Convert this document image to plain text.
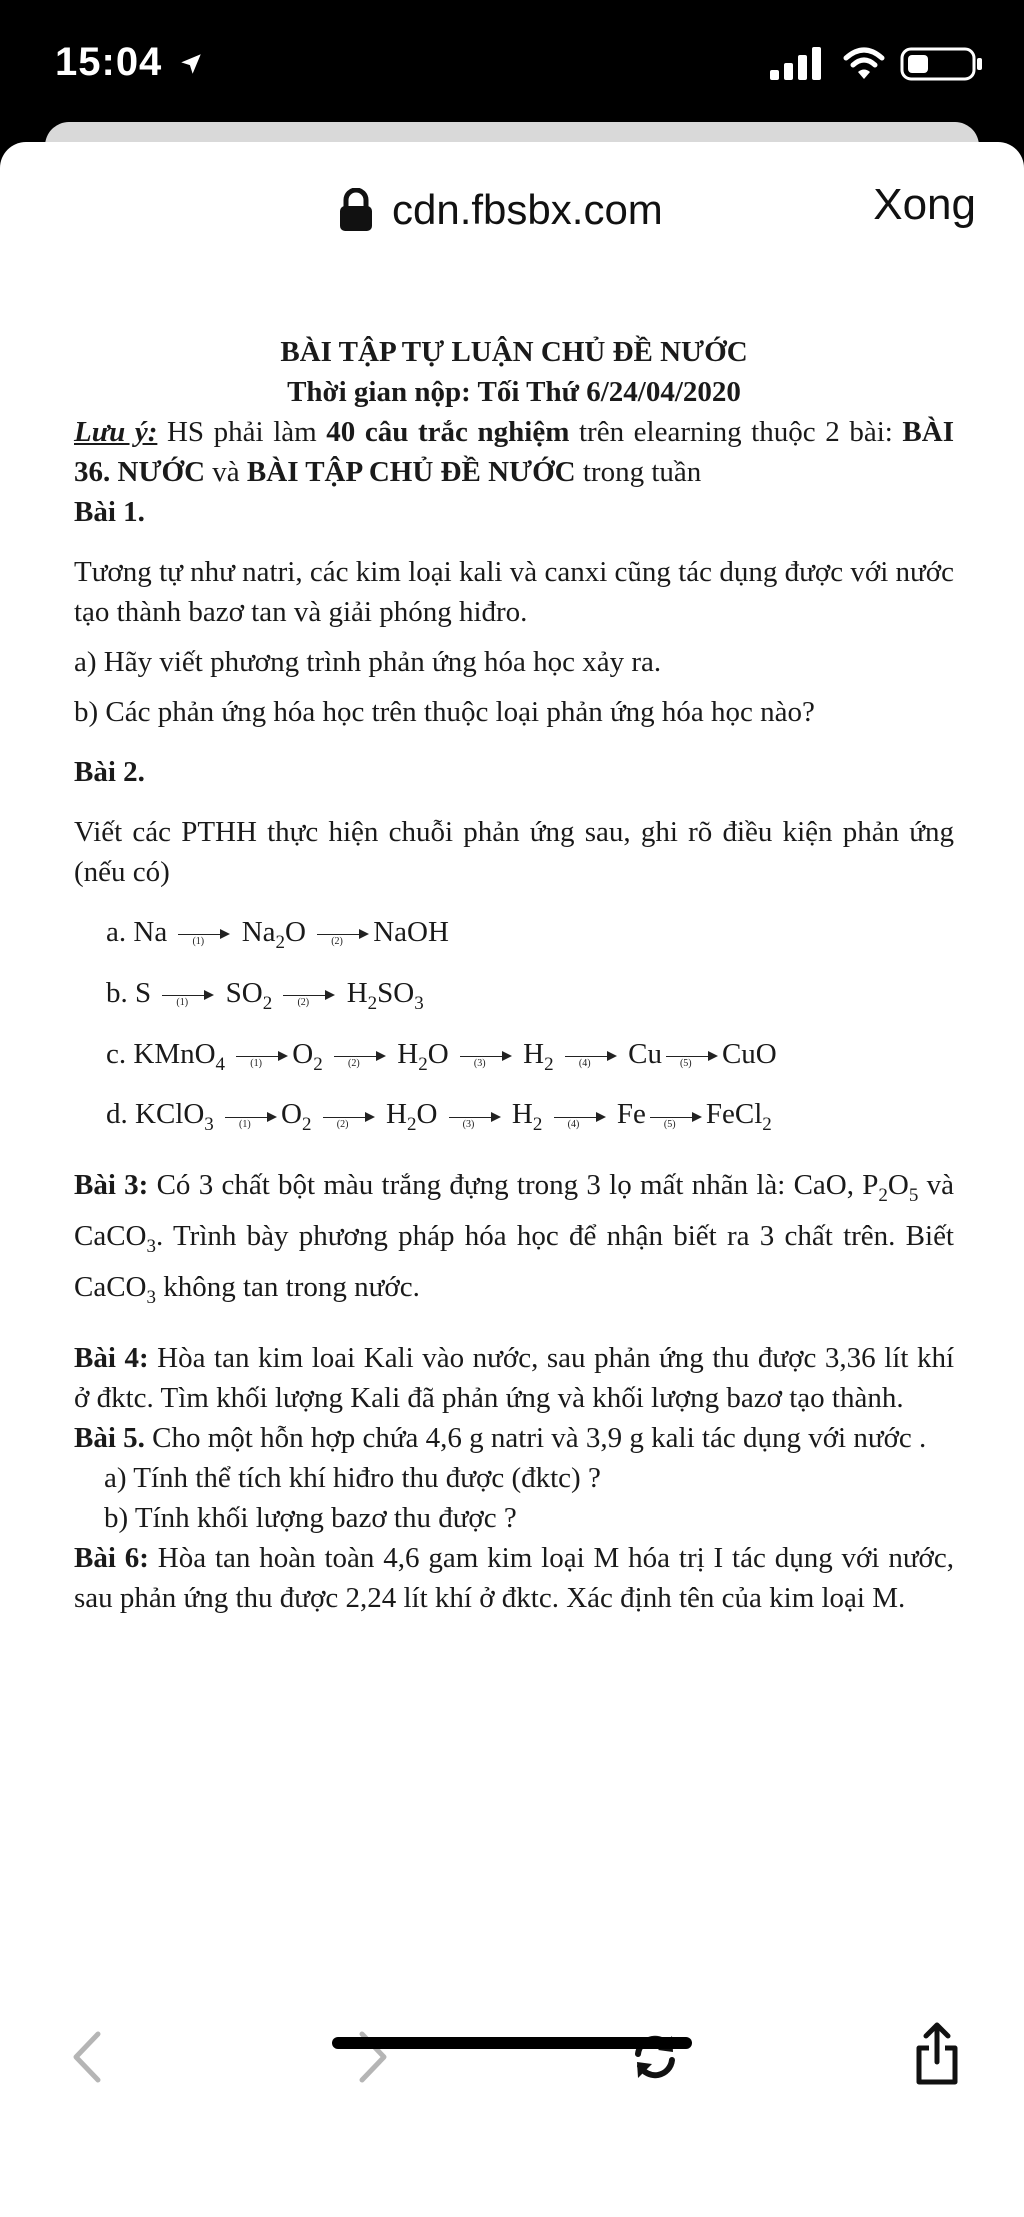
15:04
cdn.fbsbx.com	Xong
BÀI TẬP TỰ LUẬN CHỦ ĐỀ NƯỚC
Thời gian nộp: Tối Thứ 6/24/04/2020

Lưu ý: HS phải làm 40 câu trắc nghiệm trên elearning thuộc 2 bài: BÀI 36. NƯỚC và BÀI TẬP CHỦ ĐỀ NƯỚC trong tuần

Bài 1.

Tương tự như natri, các kim loại kali và canxi cũng tác dụng được với nước tạo thành bazơ tan và giải phóng hiđro.

a) Hãy viết phương trình phản ứng hóa học xảy ra.

b) Các phản ứng hóa học trên thuộc loại phản ứng hóa học nào?

Bài 2.

Viết các PTHH thực hiện chuỗi phản ứng sau, ghi rõ điều kiện phản ứng (nếu có)

a. Na	(1) $Na_2O$ (2) NaOH
b. S	(1) $SO_2$	(2) $H_2SO_3$
c. KMnO$_4$	(1) $O_2$	(2) $H_2O$ (3) $H_2$	(4) Cu (5) CuO
d. KClO$_3$	(1) $O_2$	(2) $H_2O$ (3) $H_2$	(4) Fe (5) FeCl$_2$

Bài 3: Có 3 chất bột màu trắng đựng trong 3 lọ mất nhãn là: CaO, $P_2O_5$ và CaCO$_3$. Trình bày phương pháp hóa học để nhận biết ra 3 chất trên. Biết CaCO$_3$ không tan trong nước.

Bài 4: Hòa tan kim loai Kali vào nước, sau phản ứng thu được 3,36 lít khí ở đktc. Tìm khối lượng Kali đã phản ứng và khối lượng bazơ tạo thành.

Bài 5. Cho một hỗn hợp chứa 4,6 g natri và 3,9 g kali tác dụng với nước .

a) Tính thể tích khí hiđro thu được (đktc) ?
b) Tính khối lượng bazơ thu được ?

Bài 6: Hòa tan hoàn toàn 4,6 gam kim loại M hóa trị I tác dụng với nước, sau phản ứng thu được 2,24 lít khí ở đktc. Xác định tên của kim loại M.
